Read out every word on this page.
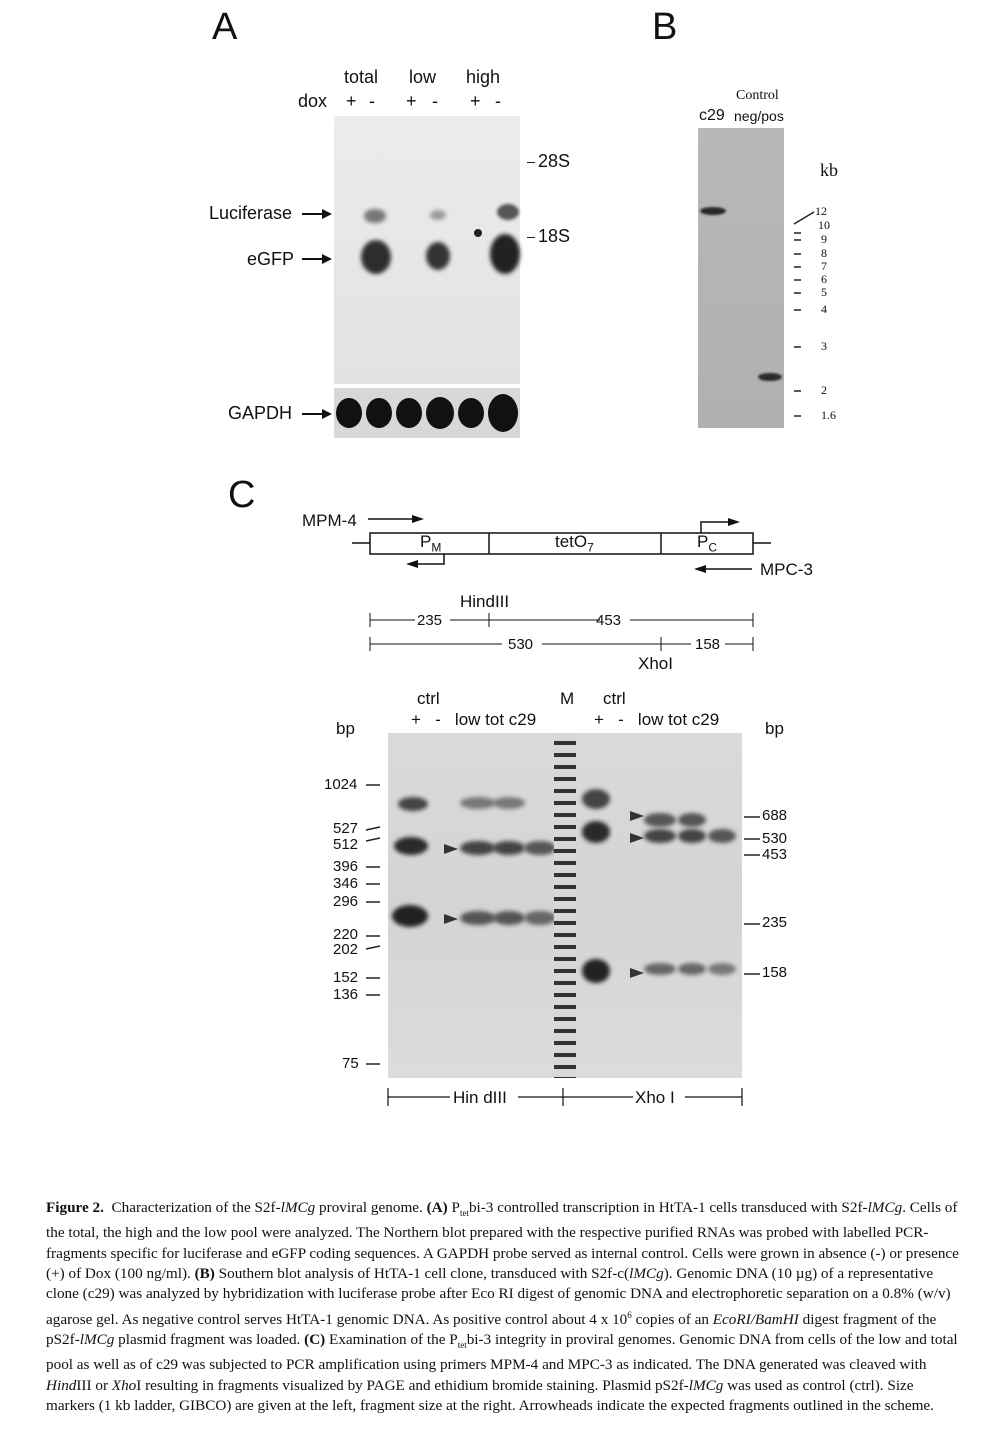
A
total low high
dox + - + - + -
28S
18S
Luciferase
eGFP
GAPDH
B
Control
c29 neg/pos
kb
12
10
9
8
7
6
5
4
3
2
1.6
C
MPM-4
MPC-3
$P_M$	tetO$_7$	$P_C$
HindIII
235	453
530	158
XhoI
ctrl	M ctrl
+   -   low tot c29	+   -   low tot c29
bp	bp
1024
527
512
396
346
296
220
202
152
136
75
688
530
453
235
158
Hin dIII	Xho I
Figure 2. Characterization of the S2f-lMCg proviral genome. (A) $P_{tet}bi-3$ controlled transcription in HtTA-1 cells transduced with S2f-lMCg. Cells of the total, the high and the low pool were analyzed. The Northern blot prepared with the respective purified RNAs was probed with labelled PCR-fragments specific for luciferase and eGFP coding sequences. A GAPDH probe served as internal control. Cells were grown in absence (-) or presence (+) of Dox (100 ng/ml). (B) Southern blot analysis of HtTA-1 cell clone, transduced with S2f-c(lMCg). Genomic DNA (10 µg) of a representative clone (c29) was analyzed by hybridization with luciferase probe after Eco RI digest of genomic DNA and electrophoretic separation on a 0.8% (w/v) agarose gel. As negative control serves HtTA-1 genomic DNA. As positive control about 4 x $10^6$ copies of an EcoRI/BamHI digest fragment of the pS2f-lMCg plasmid fragment was loaded. (C) Examination of the $P_{tet}bi-3$ integrity in proviral genomes. Genomic DNA from cells of the low and total pool as well as of c29 was subjected to PCR amplification using primers MPM-4 and MPC-3 as indicated. The DNA generated was cleaved with HindIII or XhoI resulting in fragments visualized by PAGE and ethidium bromide staining. Plasmid pS2f-lMCg was used as control (ctrl). Size markers (1 kb ladder, GIBCO) are given at the left, fragment size at the right. Arrowheads indicate the expected fragments outlined in the scheme.
